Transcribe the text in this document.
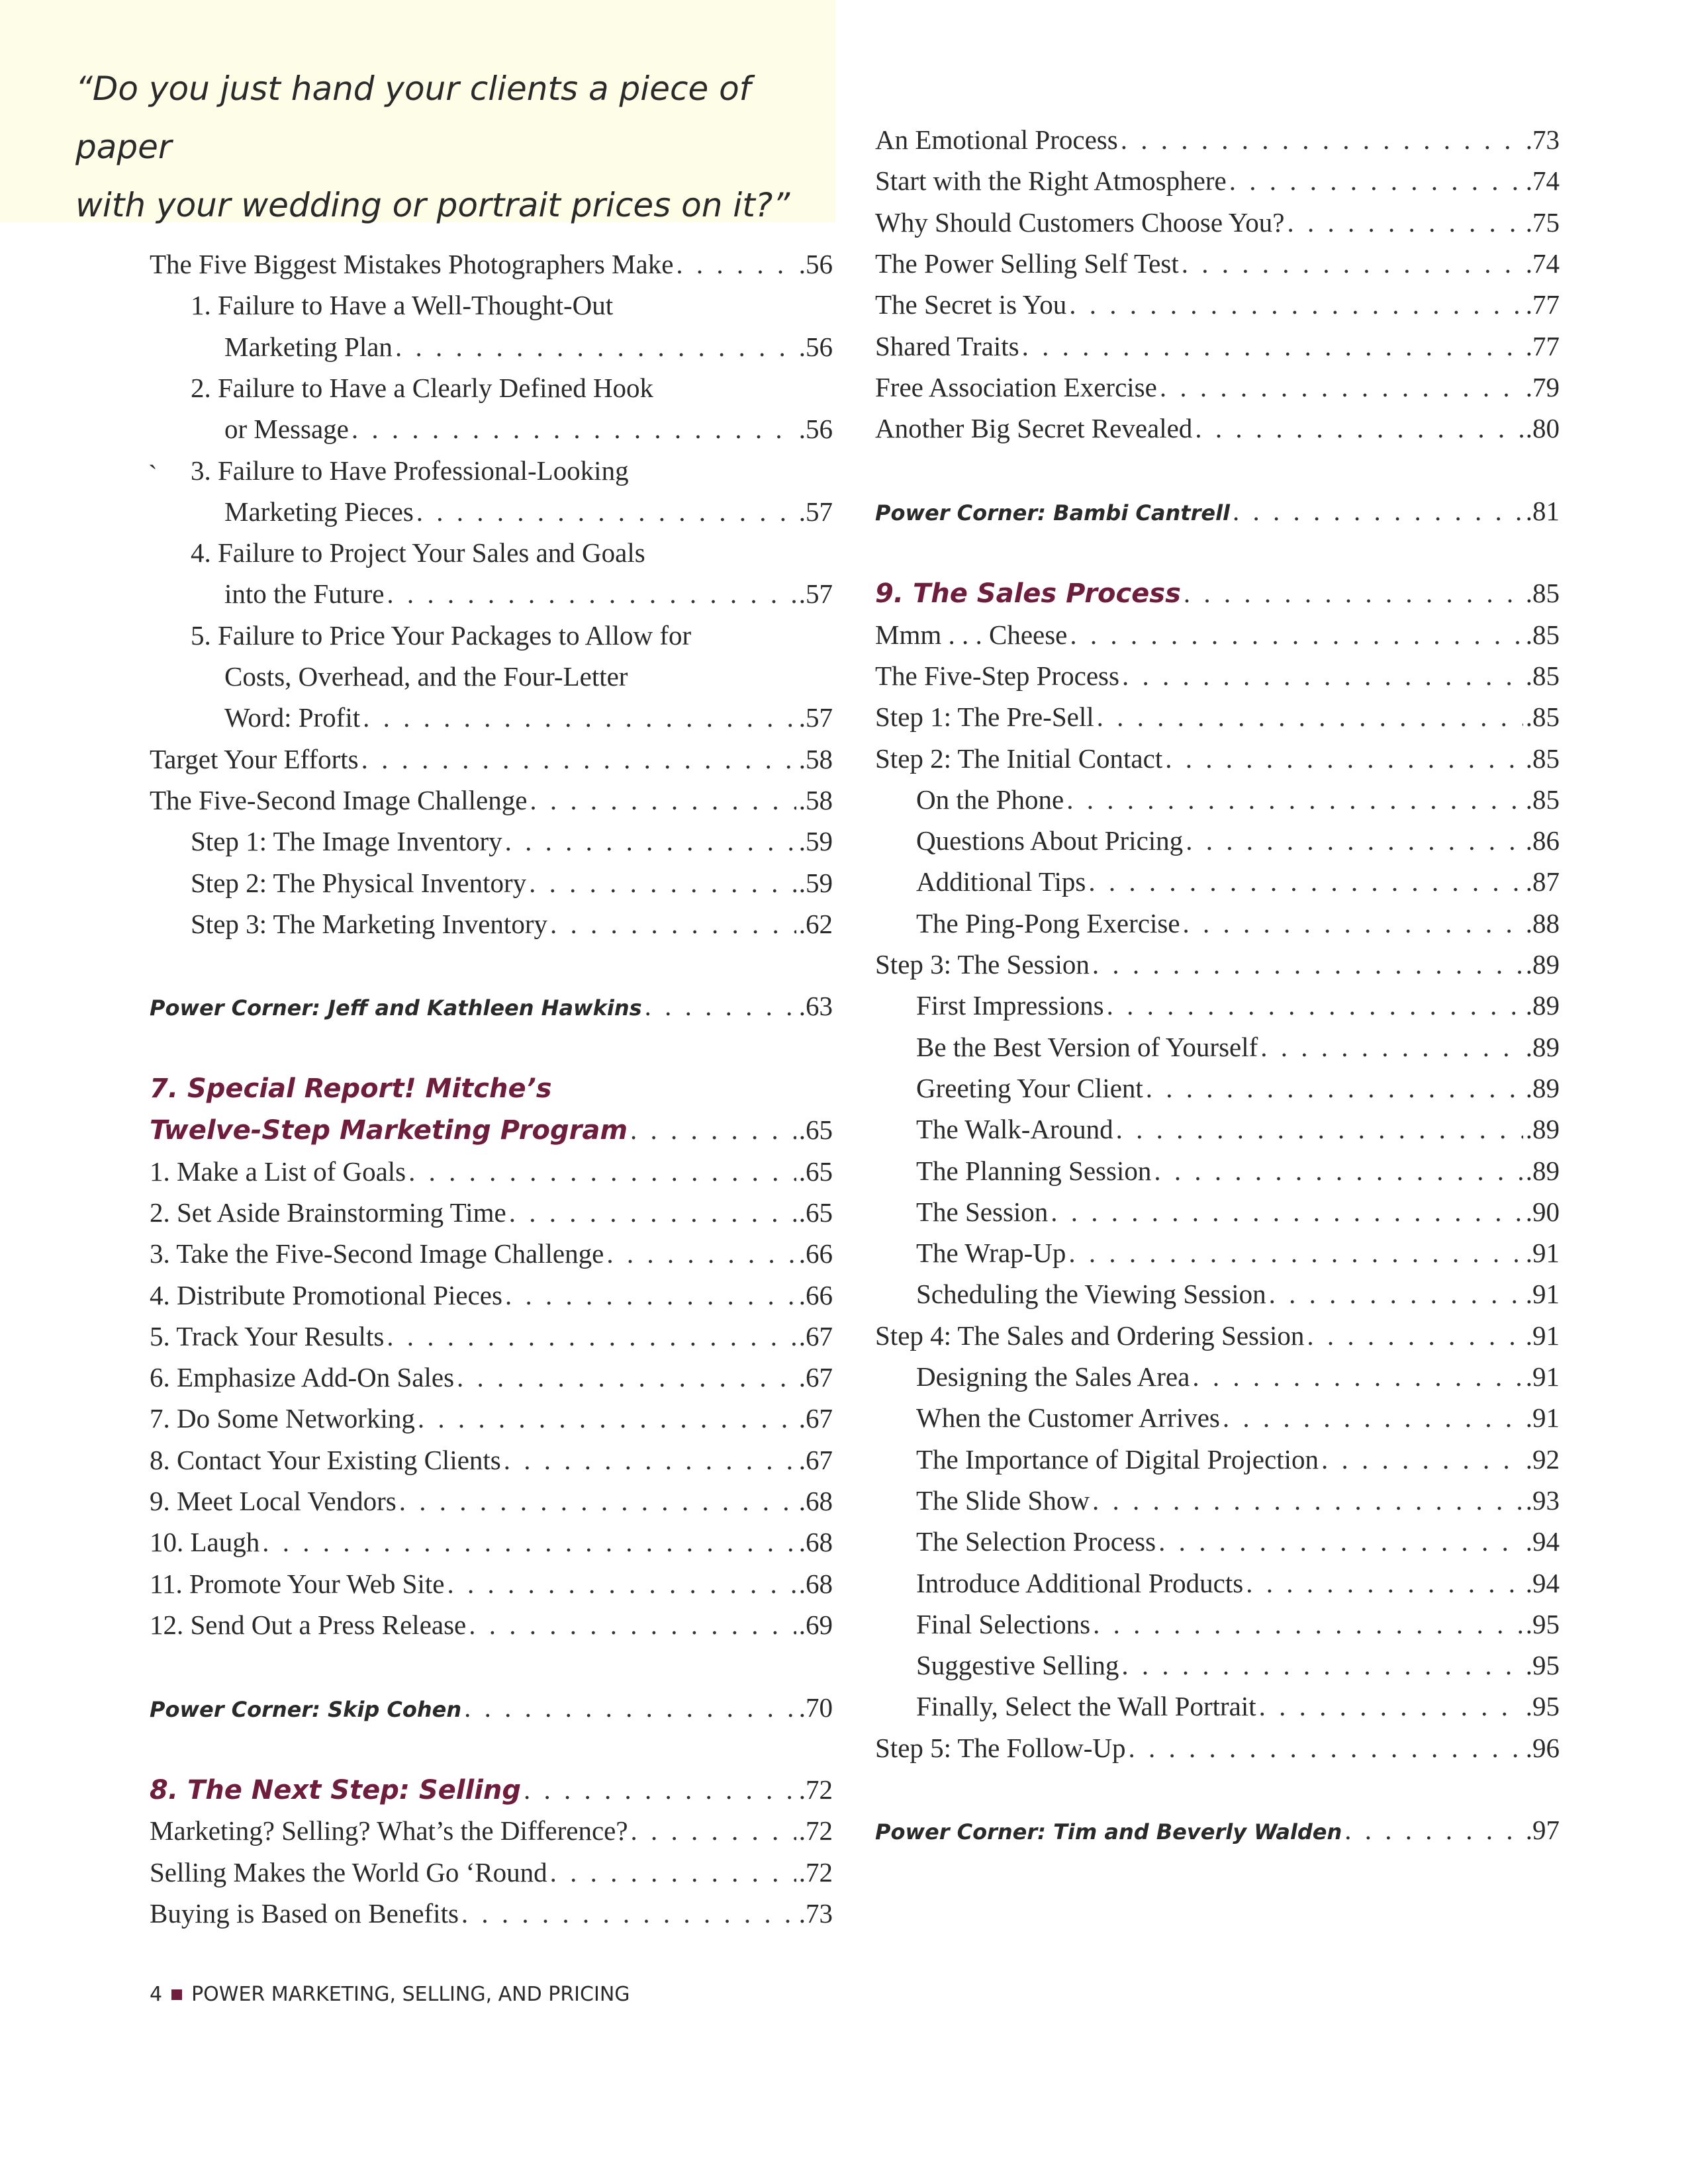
“Do you just hand your clients a piece of paper
with your wedding or portrait prices on it?”

`
The Five Biggest Mistakes Photographers Make . . .	.56
1. Failure to Have a Well-Thought-Out
Marketing Plan . . .	.56
2. Failure to Have a Clearly Defined Hook
or Message . . .	.56
3. Failure to Have Professional-Looking
Marketing Pieces . . .	.57
4. Failure to Project Your Sales and Goals
into the Future . . .	.57
5. Failure to Price Your Packages to Allow for
Costs, Overhead, and the Four-Letter
Word: Profit . . .	.57
Target Your Efforts . . .	.58
The Five-Second Image Challenge . . .	.58
Step 1: The Image Inventory . . .	.59
Step 2: The Physical Inventory . . .	.59
Step 3: The Marketing Inventory . . .	.62
Power Corner: Jeff and Kathleen Hawkins . . .	.63
7. Special Report! Mitche’s
Twelve-Step Marketing Program . . .	.65
1. Make a List of Goals . . .	.65
2. Set Aside Brainstorming Time . . .	.65
3. Take the Five-Second Image Challenge . . .	.66
4. Distribute Promotional Pieces . . .	.66
5. Track Your Results . . .	.67
6. Emphasize Add-On Sales . . .	.67
7. Do Some Networking . . .	.67
8. Contact Your Existing Clients . . .	.67
9. Meet Local Vendors . . .	.68
10. Laugh . . .	.68
11. Promote Your Web Site . . .	.68
12. Send Out a Press Release . . .	.69
Power Corner: Skip Cohen . . .	.70
8. The Next Step: Selling . . .	.72
Marketing? Selling? What’s the Difference? . . .	.72
Selling Makes the World Go ‘Round . . .	.72
Buying is Based on Benefits . . .	.73
An Emotional Process . . .	.73
Start with the Right Atmosphere . . .	.74
Why Should Customers Choose You? . . .	.75
The Power Selling Self Test . . .	.74
The Secret is You . . .	.77
Shared Traits . . .	.77
Free Association Exercise . . .	.79
Another Big Secret Revealed . . .	.80
Power Corner: Bambi Cantrell . . .	.81
9. The Sales Process . . .	.85
Mmm . . . Cheese . . .	.85
The Five-Step Process . . .	.85
Step 1: The Pre-Sell . . .	.85
Step 2: The Initial Contact . . .	.85
On the Phone . . .	.85
Questions About Pricing . . .	.86
Additional Tips . . .	.87
The Ping-Pong Exercise . . .	.88
Step 3: The Session . . .	.89
First Impressions . . .	.89
Be the Best Version of Yourself . . .	.89
Greeting Your Client . . .	.89
The Walk-Around . . .	.89
The Planning Session . . .	.89
The Session . . .	.90
The Wrap-Up . . .	.91
Scheduling the Viewing Session . . .	.91
Step 4: The Sales and Ordering Session . . .	.91
Designing the Sales Area . . .	.91
When the Customer Arrives . . .	.91
The Importance of Digital Projection . . .	.92
The Slide Show . . .	.93
The Selection Process . . .	.94
Introduce Additional Products . . .	.94
Final Selections . . .	.95
Suggestive Selling . . .	.95
Finally, Select the Wall Portrait . . .	.95
Step 5: The Follow-Up . . .	.96
Power Corner: Tim and Beverly Walden . . .	.97
4 POWER MARKETING, SELLING, AND PRICING
